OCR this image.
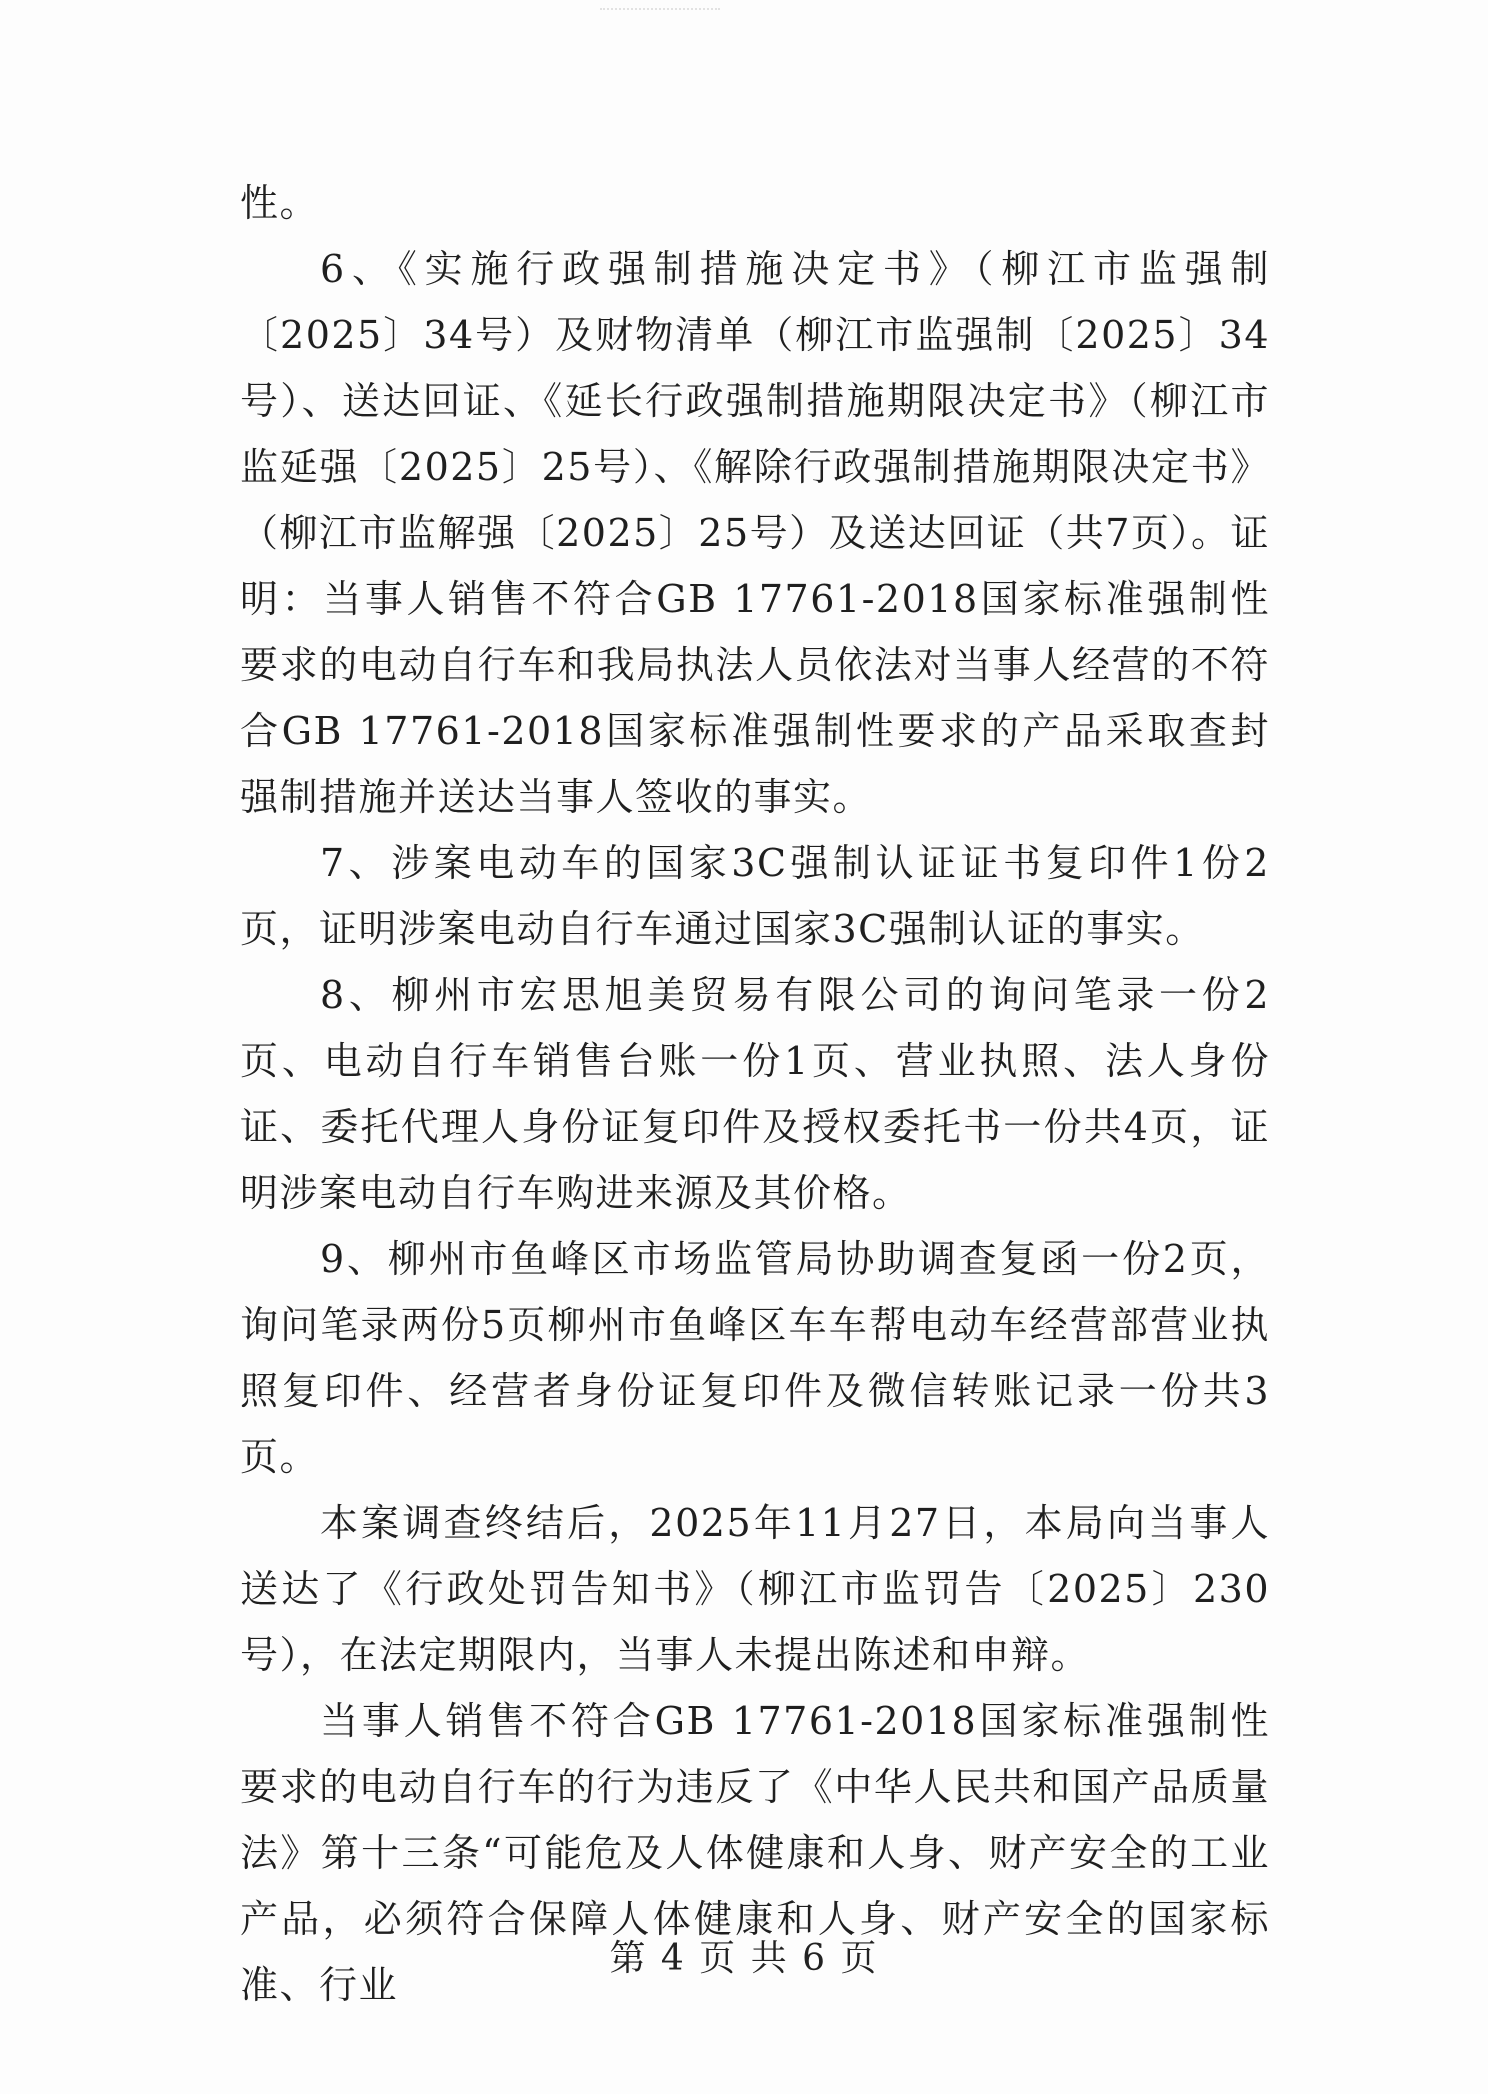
性。

6、《实施行政强制措施决定书》（柳江市监强制〔2025〕34号）及财物清单（柳江市监强制〔2025〕34号）、送达回证、《延长行政强制措施期限决定书》（柳江市监延强〔2025〕25号）、《解除行政强制措施期限决定书》（柳江市监解强〔2025〕25号）及送达回证（共7页）。证明：当事人销售不符合GB 17761-2018国家标准强制性要求的电动自行车和我局执法人员依法对当事人经营的不符合GB 17761-2018国家标准强制性要求的产品采取查封强制措施并送达当事人签收的事实。

7、涉案电动车的国家3C强制认证证书复印件1份2页，证明涉案电动自行车通过国家3C强制认证的事实。

8、柳州市宏思旭美贸易有限公司的询问笔录一份2页、电动自行车销售台账一份1页、营业执照、法人身份证、委托代理人身份证复印件及授权委托书一份共4页，证明涉案电动自行车购进来源及其价格。

9、柳州市鱼峰区市场监管局协助调查复函一份2页，询问笔录两份5页柳州市鱼峰区车车帮电动车经营部营业执照复印件、经营者身份证复印件及微信转账记录一份共3页。

本案调查终结后，2025年11月27日，本局向当事人送达了《行政处罚告知书》（柳江市监罚告〔2025〕230号），在法定期限内，当事人未提出陈述和申辩。

当事人销售不符合GB 17761-2018国家标准强制性要求的电动自行车的行为违反了《中华人民共和国产品质量法》第十三条“可能危及人体健康和人身、财产安全的工业产品，必须符合保障人体健康和人身、财产安全的国家标准、行业

第 4 页 共 6 页
